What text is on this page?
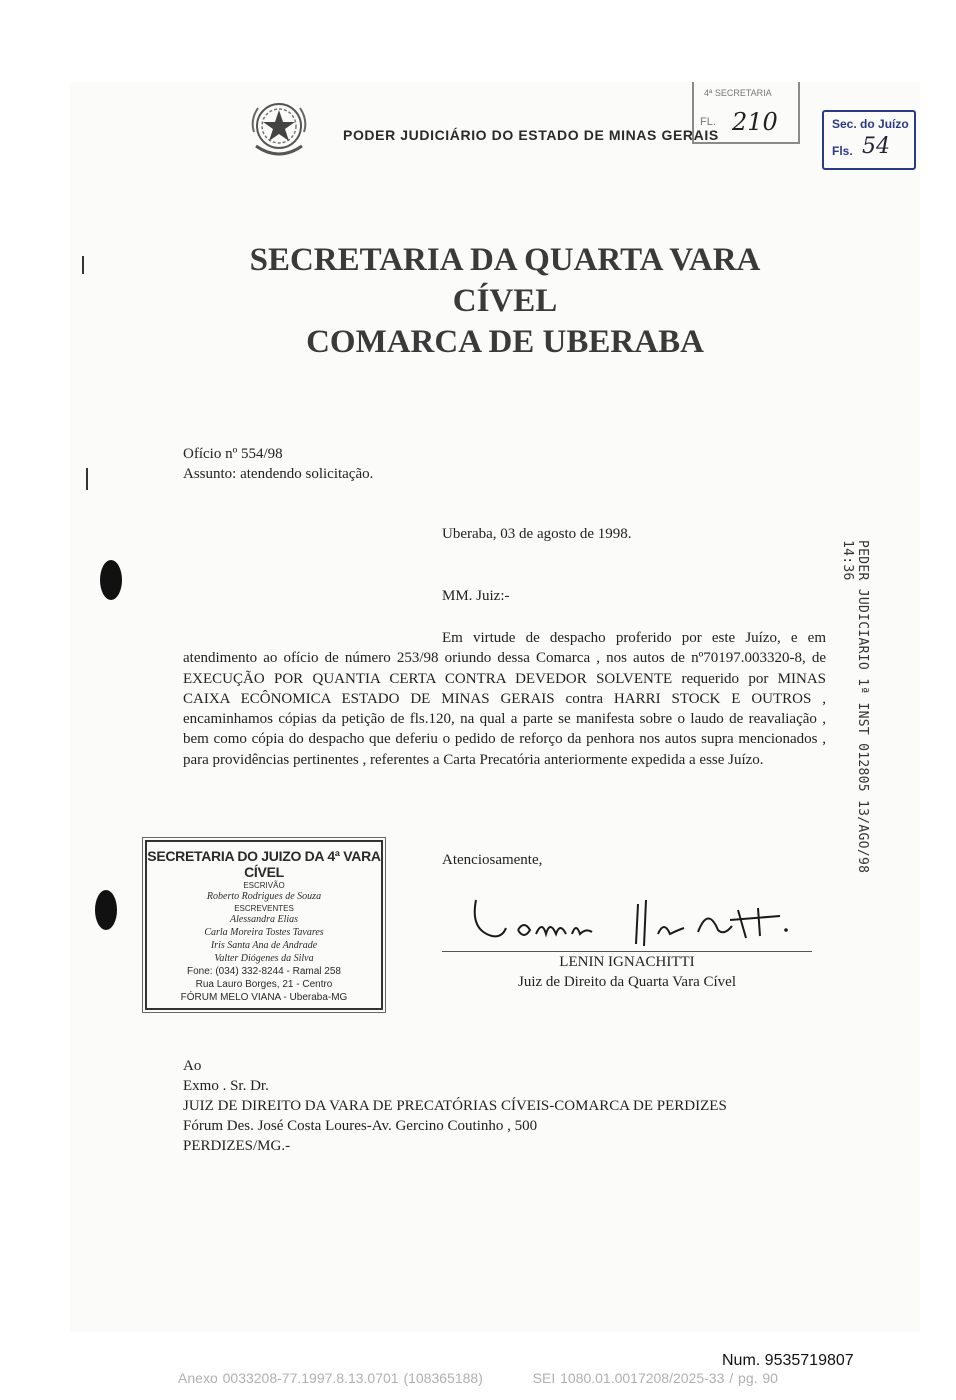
PODER JUDICIÁRIO DO ESTADO DE MINAS GERAIS
4ª SECRETARIA
FL. 210	Sec. do Juízo
Fls. 54
SECRETARIA DA QUARTA VARA
CÍVEL
COMARCA DE UBERABA
Ofício nº 554/98
Assunto: atendendo solicitação.
Uberaba, 03 de agosto de 1998.
MM. Juiz:-
Em virtude de despacho proferido por este Juízo, e em atendimento ao ofício de número 253/98 oriundo dessa Comarca , nos autos de nº70197.003320-8, de EXECUÇÃO POR QUANTIA CERTA CONTRA DEVEDOR SOLVENTE requerido por MINAS CAIXA ECÔNOMICA ESTADO DE MINAS GERAIS contra HARRI STOCK E OUTROS , encaminhamos cópias da petição de fls.120, na qual a parte se manifesta sobre o laudo de reavaliação , bem como cópia do despacho que deferiu o pedido de reforço da penhora nos autos supra mencionados , para providências pertinentes , referentes a Carta Precatória anteriormente expedida a esse Juízo.	PEDER JUDICIARIO 1ª INST 012805 13/AGO/98 14:36
SECRETARIA DO JUIZO DA 4ª VARA CÍVEL
ESCRIVÃO
Roberto Rodrigues de Souza
ESCREVENTES
Alessandra Elias
Carla Moreira Tostes Tavares
Iris Santa Ana de Andrade
Valter Diógenes da Silva
Fone: (034) 332-8244 - Ramal 258
Rua Lauro Borges, 21 - Centro
FÓRUM MELO VIANA - Uberaba-MG
Atenciosamente,
LENIN IGNACHITTI
Juiz de Direito da Quarta Vara Cível
Ao
Exmo . Sr. Dr.
JUIZ DE DIREITO DA VARA DE PRECATÓRIAS CÍVEIS-COMARCA DE PERDIZES
Fórum Des. José Costa Loures-Av. Gercino Coutinho , 500
PERDIZES/MG.-
Num. 9535719807
Anexo 0033208-77.1997.8.13.0701 (108365188)	SEI 1080.01.0017208/2025-33 / pg. 90
